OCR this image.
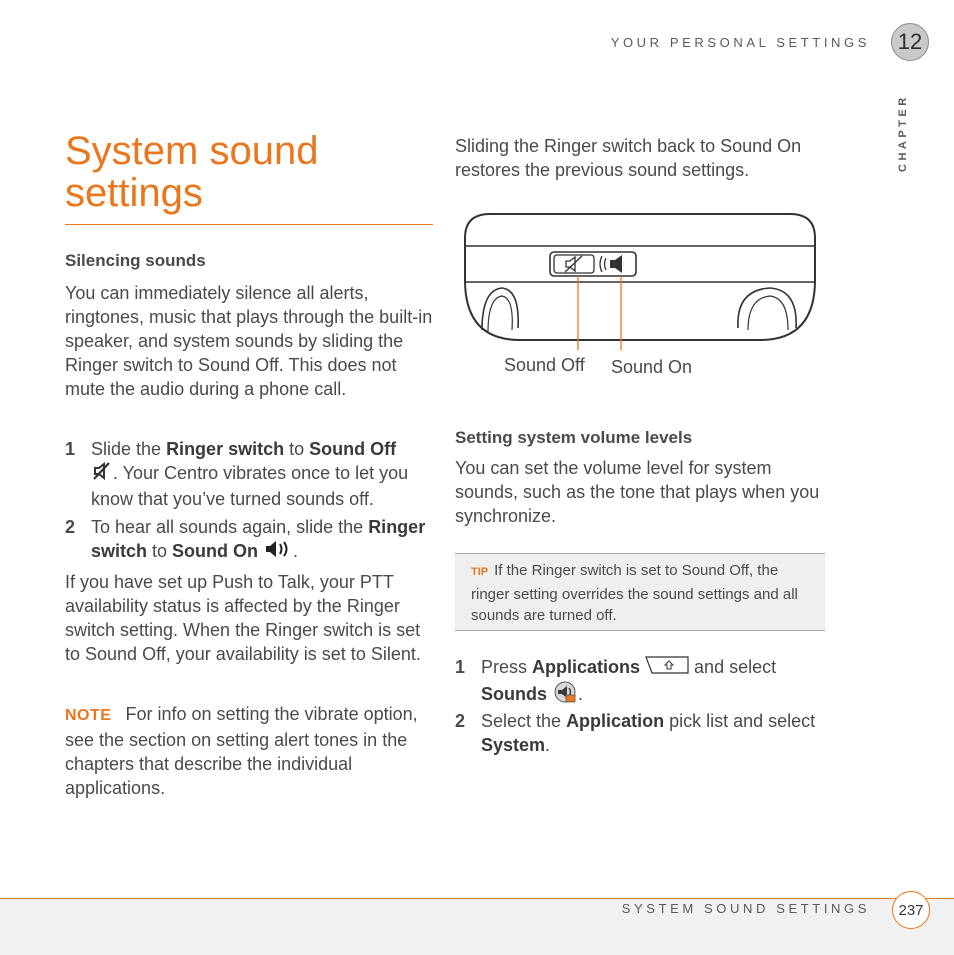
YOUR PERSONAL SETTINGS 12
CHAPTER
System sound settings
Silencing sounds
You can immediately silence all alerts, ringtones, music that plays through the built-in speaker, and system sounds by sliding the Ringer switch to Sound Off. This does not mute the audio during a phone call.
1 Slide the Ringer switch to Sound Off
. Your Centro vibrates once to let you know that you’ve turned sounds off.
2 To hear all sounds again, slide the Ringer switch to Sound On .
If you have set up Push to Talk, your PTT availability status is affected by the Ringer switch setting. When the Ringer switch is set to Sound Off, your availability is set to Silent.
NOTE For info on setting the vibrate option, see the section on setting alert tones in the chapters that describe the individual applications.
Sliding the Ringer switch back to Sound On restores the previous sound settings.
Sound Off Sound On
Setting system volume levels
You can set the volume level for system sounds, such as the tone that plays when you synchronize.
TIP If the Ringer switch is set to Sound Off, the ringer setting overrides the sound settings and all sounds are turned off.
1 Press Applications	and select Sounds .
2 Select the Application pick list and select System.
SYSTEM SOUND SETTINGS 237
